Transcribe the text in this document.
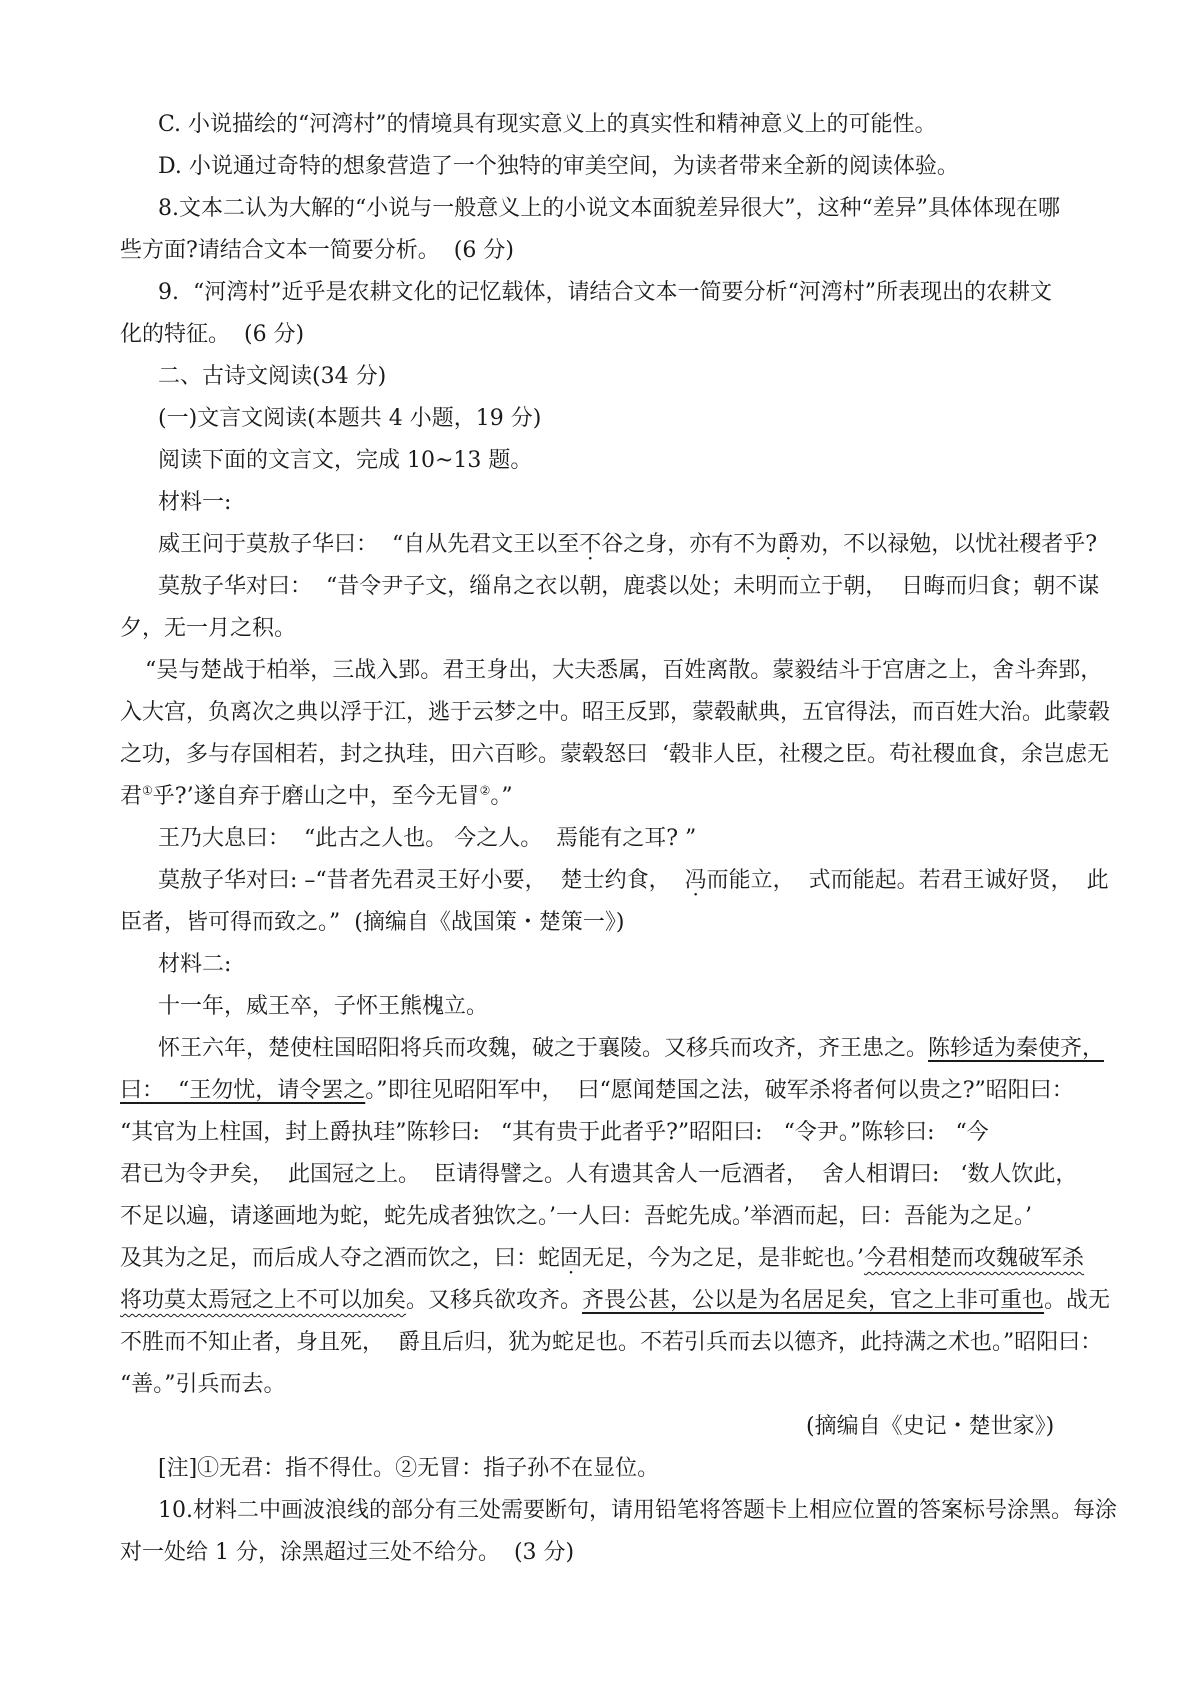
C. 小说描绘的“河湾村”的情境具有现实意义上的真实性和精神意义上的可能性。
D. 小说通过奇特的想象营造了一个独特的审美空间，为读者带来全新的阅读体验。
8.文本二认为大解的“小说与一般意义上的小说文本面貌差异很大”，这种“差异”具体体现在哪
些方面?请结合文本一简要分析。  (6 分)
9.  “河湾村”近乎是农耕文化的记忆载体，请结合文本一简要分析“河湾村”所表现出的农耕文
化的特征。  (6 分)
二、古诗文阅读(34 分)
(一)文言文阅读(本题共 4 小题，19 分)
阅读下面的文言文，完成 10~13 题。
材料一:
威王问于莫敖子华曰：  “自从先君文王以至不谷之身，亦有不为爵劝，不以禄勉，以忧社稷者乎?
莫敖子华对曰：  “昔令尹子文，缁帛之衣以朝，鹿裘以处；未明而立于朝，  日晦而归食；朝不谋
夕，无一月之积。
“吴与楚战于柏举，三战入郢。君王身出，大夫悉属，百姓离散。蒙毅结斗于宫唐之上，舍斗奔郢，
入大宫，负离次之典以浮于江，逃于云梦之中。昭王反郢，蒙毂献典，五官得法，而百姓大治。此蒙毂
之功，多与存国相若，封之执珪，田六百畛。蒙毂怒曰  ‘毂非人臣，社稷之臣。苟社稷血食，余岂虑无
君①乎?’遂自弃于磨山之中，至今无冒②。”
王乃大息曰：  “此古之人也。 今之人。  焉能有之耳? ”
莫敖子华对曰: –“昔者先君灵王好小要，  楚士约食，  冯而能立，  式而能起。若君王诚好贤，  此
臣者，皆可得而致之。”  (摘编自《战国策・楚策一》)
材料二:
十一年，威王卒，子怀王熊槐立。
怀王六年，楚使柱国昭阳将兵而攻魏，破之于襄陵。又移兵而攻齐，齐王患之。陈轸适为秦使齐，
曰：  “王勿忧，请令罢之。”即往见昭阳军中，  曰“愿闻楚国之法，破军杀将者何以贵之?”昭阳曰：
“其官为上柱国，封上爵执珪”陈轸曰:   “其有贵于此者乎?”昭阳曰:   “令尹。”陈轸曰:   “今
君已为令尹矣，  此国冠之上。  臣请得譬之。人有遗其舍人一卮酒者，  舍人相谓曰:   ‘数人饮此，
不足以遍，请遂画地为蛇，蛇先成者独饮之。’一人曰：吾蛇先成。’举酒而起，曰：吾能为之足。’
及其为之足，而后成人夺之酒而饮之，曰：蛇固无足，今为之足，是非蛇也。’今君相楚而攻魏破军杀
将功莫太焉冠之上不可以加矣。又移兵欲攻齐。齐畏公甚，公以是为名居足矣，官之上非可重也。战无
不胜而不知止者，身且死，  爵且后归，犹为蛇足也。不若引兵而去以德齐，此持满之术也。”昭阳曰：
“善。”引兵而去。
(摘编自《史记・楚世家》)
[注]①无君：指不得仕。②无冒：指子孙不在显位。
10.材料二中画波浪线的部分有三处需要断句，请用铅笔将答题卡上相应位置的答案标号涂黑。每涂
对一处给 1 分，涂黑超过三处不给分。  (3 分)
